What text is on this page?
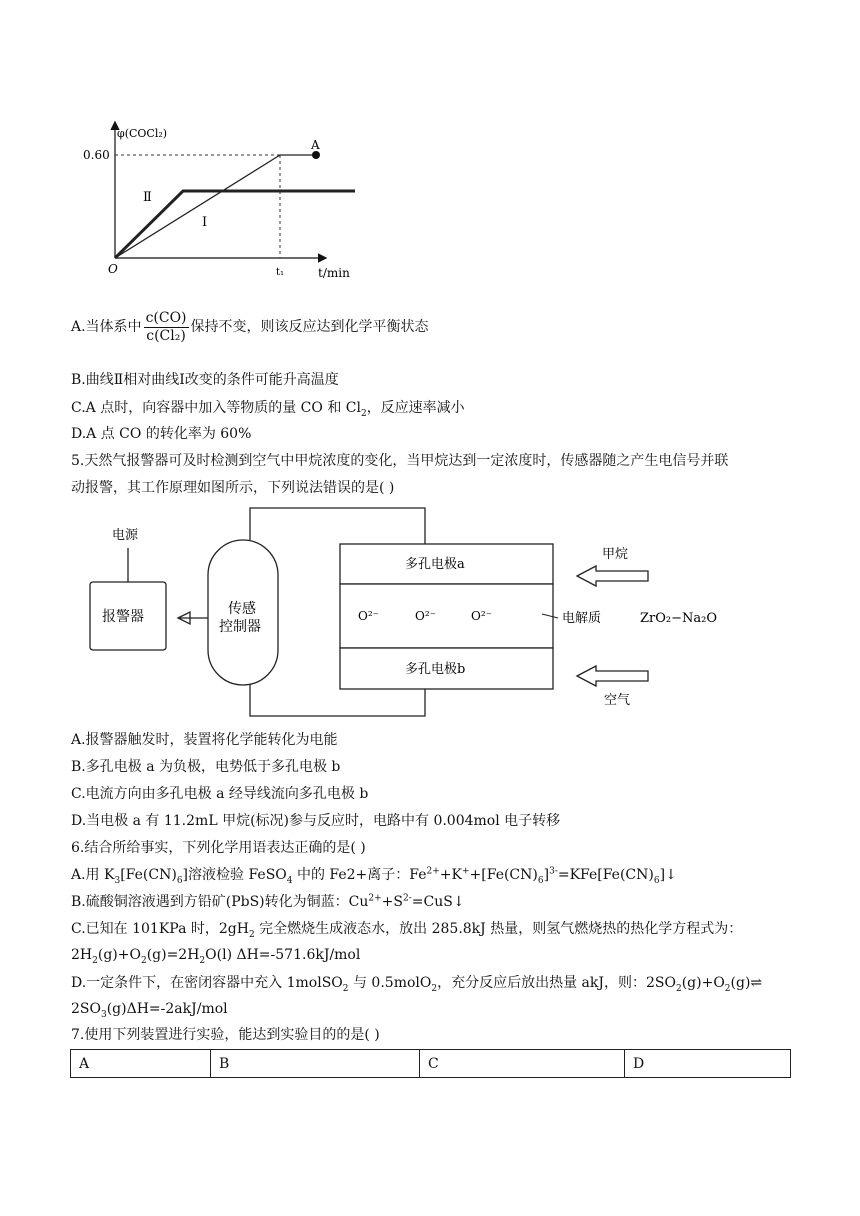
φ(COCl₂)
0.60
A
Ⅱ
Ⅰ
O	t₁	t/min
A.当体系中 $\frac{c(CO)}{\text{c(Cl₂)}}$ 保持不变，则该反应达到化学平衡状态
B.曲线Ⅱ相对曲线Ⅰ改变的条件可能升高温度
C.A 点时，向容器中加入等物质的量 CO 和 $Cl_2$，反应速率减小
D.A 点 CO 的转化率为 60%
5.天然气报警器可及时检测到空气中甲烷浓度的变化，当甲烷达到一定浓度时，传感器随之产生电信号并联
动报警，其工作原理如图所示，下列说法错误的是( )
电源
报警器	传感
控制器
多孔电极a
多孔电极b
O²⁻	O²⁻	O²⁻
甲烷
空气
电解质	ZrO₂−Na₂O
A.报警器触发时，装置将化学能转化为电能
B.多孔电极 a 为负极，电势低于多孔电极 b
C.电流方向由多孔电极 a 经导线流向多孔电极 b
D.当电极 a 有 11.2mL 甲烷(标况)参与反应时，电路中有 0.004mol 电子转移
6.结合所给事实，下列化学用语表达正确的是( )
A.用 $K_3[Fe(CN)_6]$溶液检验 FeSO$_4$ 中的 Fe2+离子：$Fe^{2+}+K^++[Fe(CN)_6]^{3-}=KFe[Fe(CN)_6]↓$
B.硫酸铜溶液遇到方铅矿(PbS)转化为铜蓝：$Cu^{2+}+S^{2-}=CuS↓$
C.已知在 101KPa 时，$2gH_2$ 完全燃烧生成液态水，放出 285.8kJ 热量，则氢气燃烧热的热化学方程式为：
$2H_2(g)+O_2(g)=2H_2O(l)$ ΔH=-571.6kJ/mol
D.一定条件下，在密闭容器中充入 1molSO$_2$ 与 0.5molO$_2$，充分反应后放出热量 akJ，则：$2SO_2(g)+O_2(g)\rightleftharpoons$
$2SO_3(g)\Delta H=-2akJ$/mol
7.使用下列装置进行实验，能达到实验目的的是( )
A	B	C	D
